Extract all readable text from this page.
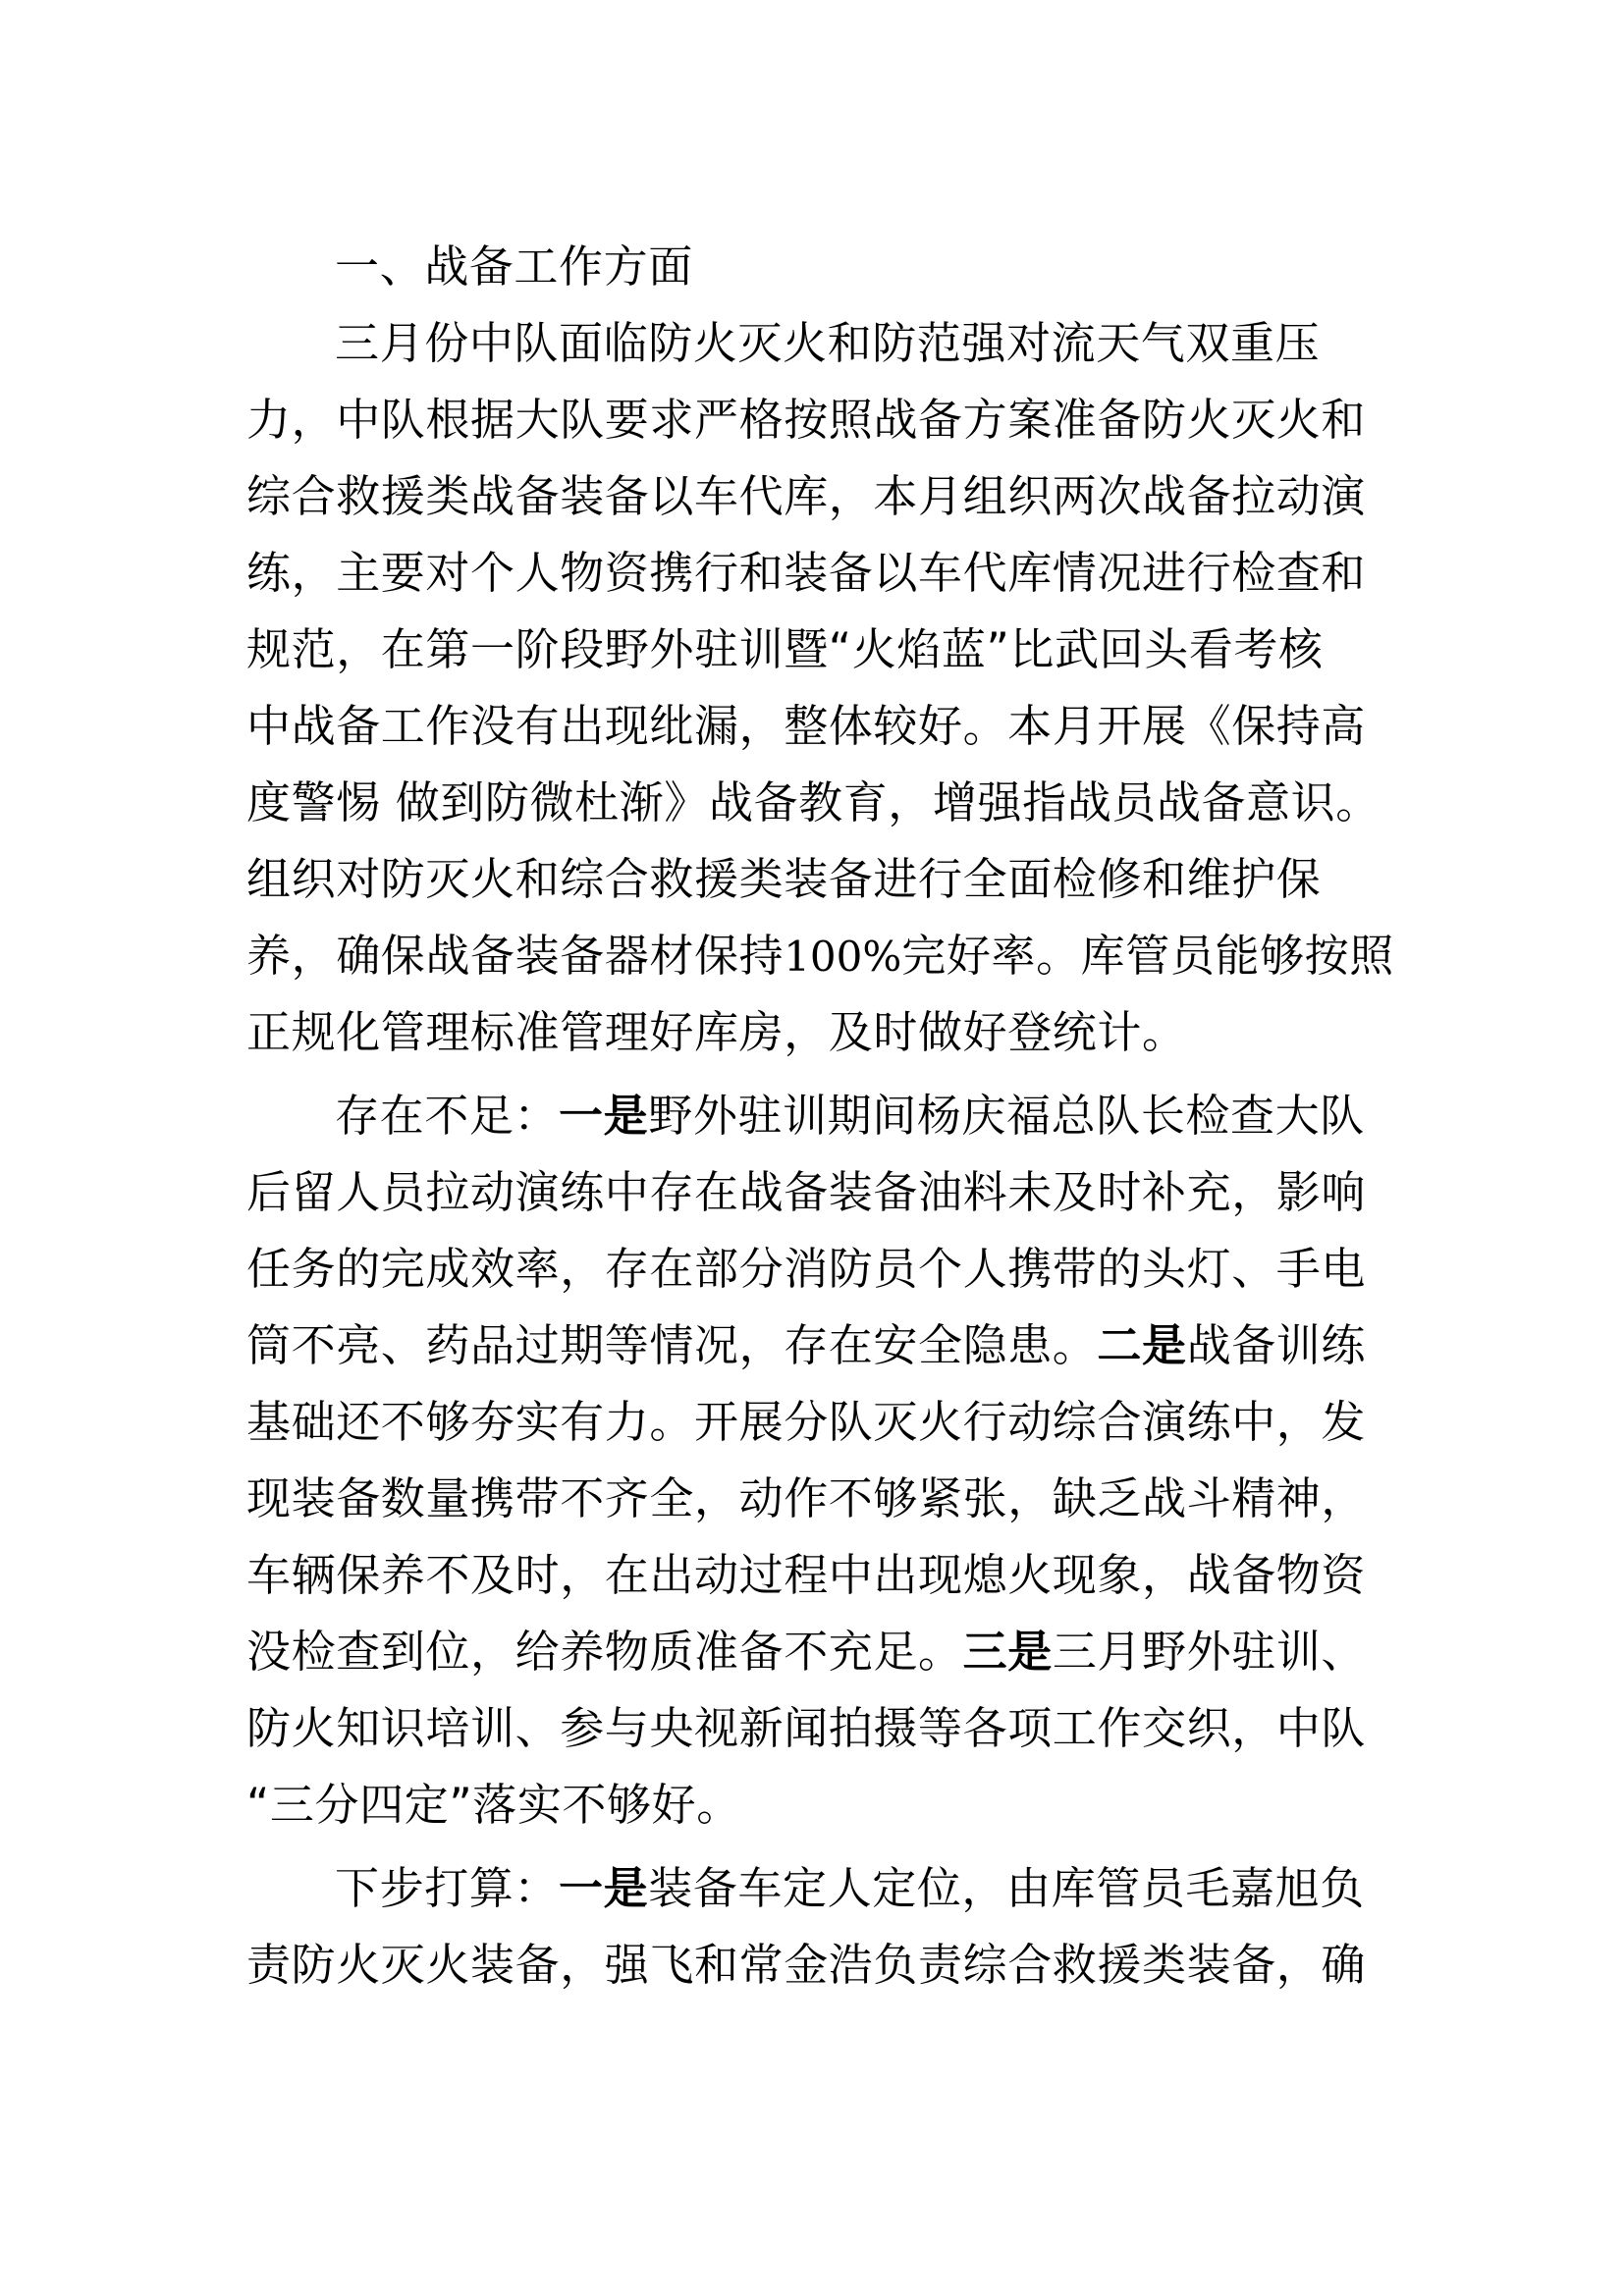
一、战备工作方面
三月份中队面临防火灭火和防范强对流天气双重压
力，中队根据大队要求严格按照战备方案准备防火灭火和
综合救援类战备装备以车代库，本月组织两次战备拉动演
练，主要对个人物资携行和装备以车代库情况进行检查和
规范，在第一阶段野外驻训暨“火焰蓝”比武回头看考核
中战备工作没有出现纰漏，整体较好。本月开展《保持高
度警惕 做到防微杜渐》战备教育，增强指战员战备意识。
组织对防灭火和综合救援类装备进行全面检修和维护保
养，确保战备装备器材保持100%完好率。库管员能够按照
正规化管理标准管理好库房，及时做好登统计。
存在不足：一是野外驻训期间杨庆福总队长检查大队
后留人员拉动演练中存在战备装备油料未及时补充，影响
任务的完成效率，存在部分消防员个人携带的头灯、手电
筒不亮、药品过期等情况，存在安全隐患。二是战备训练
基础还不够夯实有力。开展分队灭火行动综合演练中，发
现装备数量携带不齐全，动作不够紧张，缺乏战斗精神，
车辆保养不及时，在出动过程中出现熄火现象，战备物资
没检查到位，给养物质准备不充足。三是三月野外驻训、
防火知识培训、参与央视新闻拍摄等各项工作交织，中队
“三分四定”落实不够好。
下步打算：一是装备车定人定位，由库管员毛嘉旭负
责防火灭火装备，强飞和常金浩负责综合救援类装备，确
